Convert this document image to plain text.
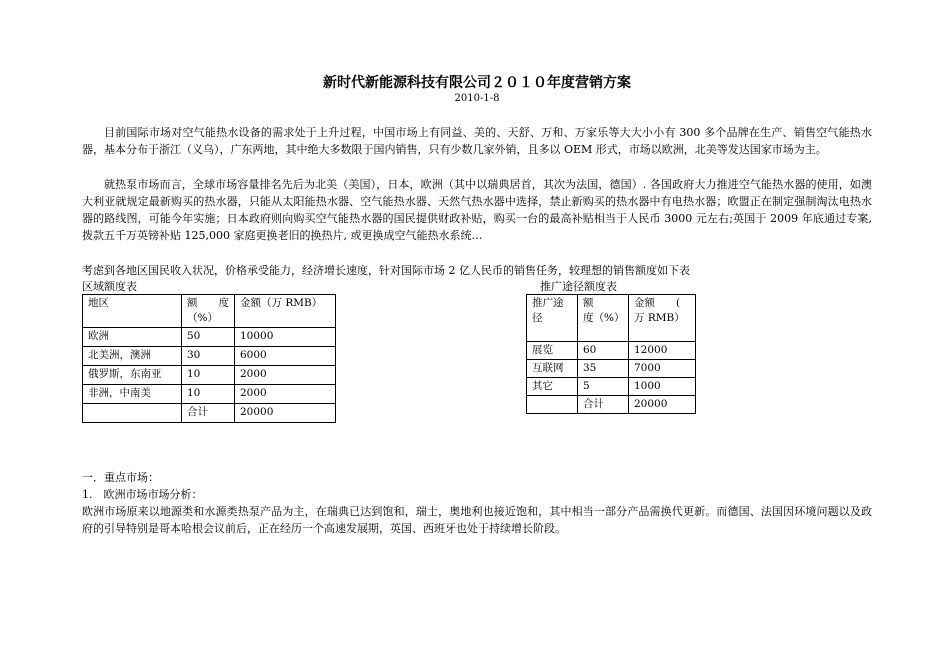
新时代新能源科技有限公司２０１０年度营销方案
2010-1-8

目前国际市场对空气能热水设备的需求处于上升过程，中国市场上有同益、美的、天舒、万和、万家乐等大大小小有 300 多个品牌在生产、销售空气能热水器，基本分布于浙江（义乌），广东两地，其中绝大多数限于国内销售，只有少数几家外销，且多以 OEM 形式，市场以欧洲，北美等发达国家市场为主。

就热泵市场而言，全球市场容量排名先后为北美（美国），日本，欧洲（其中以瑞典居首，其次为法国，德国）. 各国政府大力推进空气能热水器的使用，如澳大利亚就规定最新购买的热水器，只能从太阳能热水器、空气能热水器、天然气热水器中选择，禁止新购买的热水器中有电热水器；欧盟正在制定强制淘汰电热水器的路线图，可能今年实施；日本政府则向购买空气能热水器的国民提供财政补贴，购买一台的最高补贴相当于人民币 3000 元左右;英国于 2009 年底通过专案,拨款五千万英镑补贴 125,000 家庭更换老旧的换热片, 或更换成空气能热水系统…

考虑到各地区国民收入状况，价格承受能力，经济增长速度，针对国际市场 2 亿人民币的销售任务，较理想的销售额度如下表

区域额度表
地区	额　　度（%）	金额（万 RMB）
欧洲	50	10000
北美洲，澳洲	30	6000
俄罗斯，东南亚	10	2000
非洲，中南美	10	2000
	合计	20000
推广途径额度表
推广途径	额　　度（%）	金额　　(　　万 RMB）
展览	60	12000
互联网	35	7000
其它	5	1000
	合计	20000

一．重点市场：

1.　欧洲市场市场分析：

欧洲市场原来以地源类和水源类热泵产品为主，在瑞典已达到饱和，瑞士，奥地利也接近饱和，其中相当一部分产品需换代更新。而德国、法国因环境问题以及政府的引导特别是哥本哈根会议前后，正在经历一个高速发展期，英国、西班牙也处于持续增长阶段。
